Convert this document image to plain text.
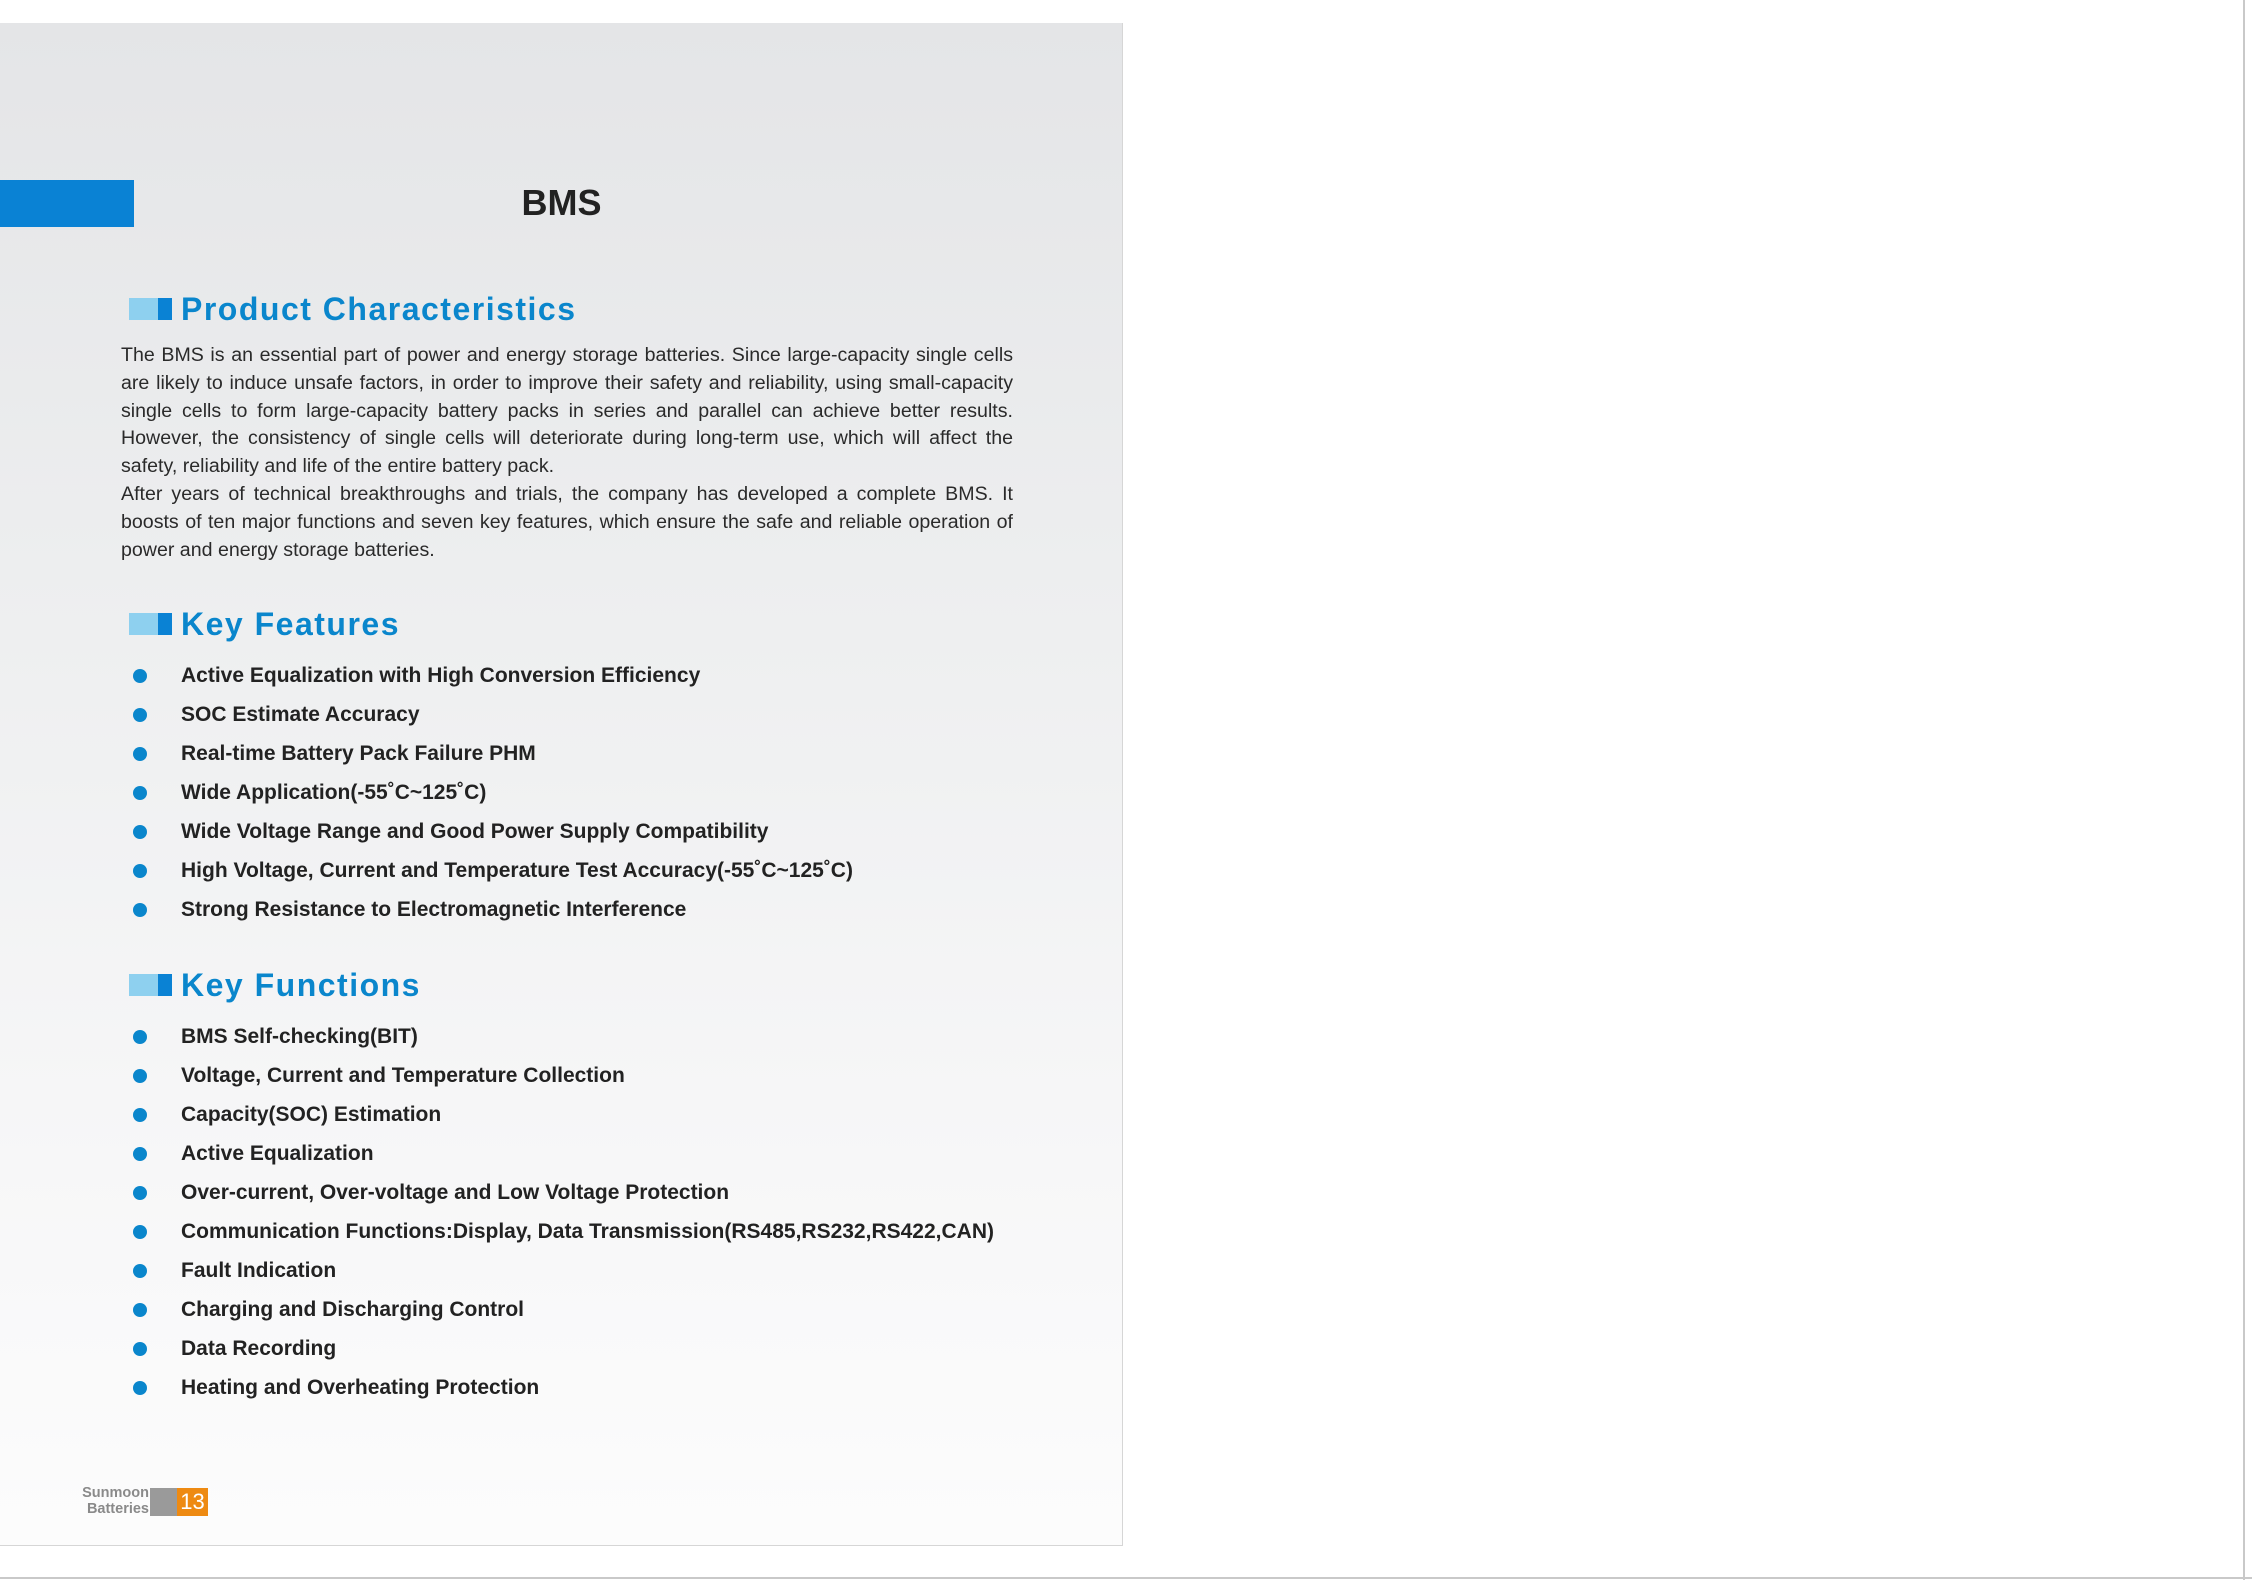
BMS
Product Characteristics

The BMS is an essential part of power and energy storage batteries. Since large-capacity single cells are likely to induce unsafe factors, in order to improve their safety and reliability, using small-capacity single cells to form large-capacity battery packs in series and parallel can achieve better results. However, the consistency of single cells will deteriorate during long-term use, which will affect the safety, reliability and life of the entire battery pack.

After years of technical breakthroughs and trials, the company has developed a complete BMS. It boosts of ten major functions and seven key features, which ensure the safe and reliable operation of power and energy storage batteries.

Key Features
Active Equalization with High Conversion Efficiency
SOC Estimate Accuracy
Real-time Battery Pack Failure PHM
Wide Application(-55˚C~125˚C)
Wide Voltage Range and Good Power Supply Compatibility
High Voltage, Current and Temperature Test Accuracy(-55˚C~125˚C)
Strong Resistance to Electromagnetic Interference
Key Functions
BMS Self-checking(BIT)
Voltage, Current and Temperature Collection
Capacity(SOC) Estimation
Active Equalization
Over-current, Over-voltage and Low Voltage Protection
Communication Functions:Display, Data Transmission(RS485,RS232,RS422,CAN)
Fault Indication
Charging and Discharging Control
Data Recording
Heating and Overheating Protection
Sunmoon
Batteries 13
